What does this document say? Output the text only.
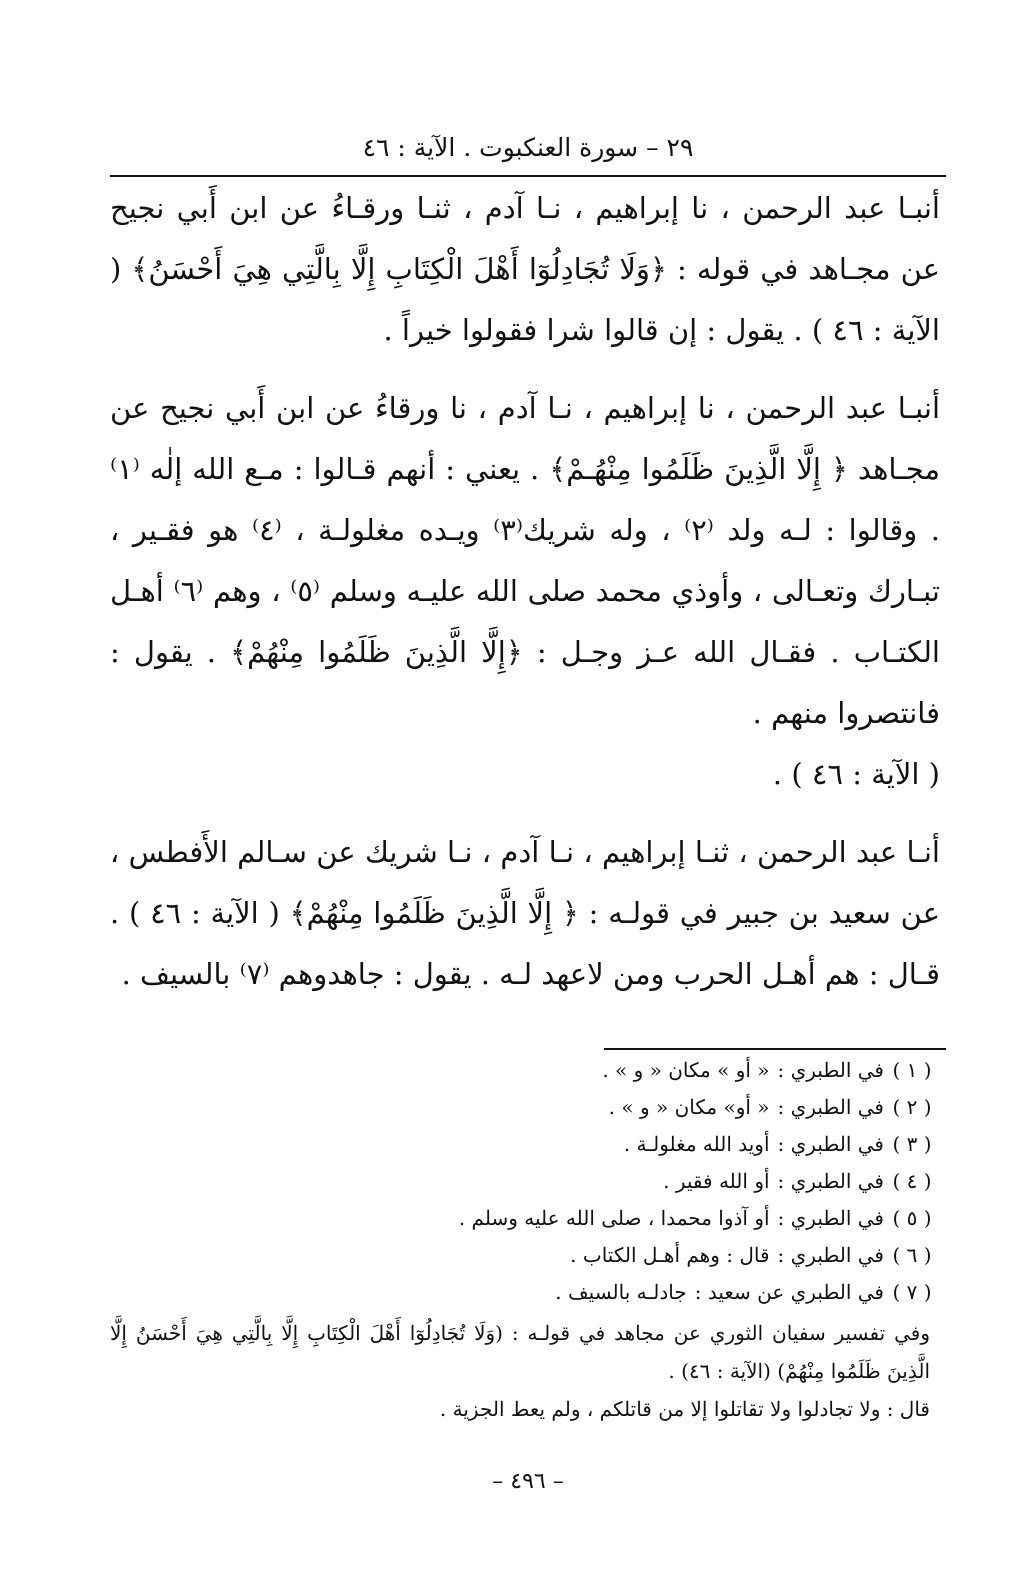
٢٩ – سورة العنكبوت . الآية : ٤٦

أنبـا عبد الرحمن ، نا إبراهيم ، نـا آدم ، ثنـا ورقـاءُ عن ابن أَبي نجيح عن مجـاهد في قوله : ﴿وَلَا تُجَادِلُوٓا أَهْلَ الْكِتَابِ إِلَّا بِالَّتِي هِيَ أَحْسَنُ﴾ ( الآية : ٤٦ ) . يقول : إن قالوا شرا فقولوا خيراً .

أنبـا عبد الرحمن ، نا إبراهيم ، نـا آدم ، نا ورقاءُ عن ابن أَبي نجيح عن مجـاهد ﴿ إِلَّا الَّذِينَ ظَلَمُوا مِنْهُـمْ﴾ . يعني : أنهم قـالوا : مـع الله إلٰه ⁽١⁾ . وقالوا : لـه ولد ⁽٢⁾ ، وله شريك⁽٣⁾ ويـده مغلولـة ، ⁽٤⁾ هو فقـير ، تبـارك وتعـالى ، وأوذي محمد صلى الله عليـه وسلم ⁽٥⁾ ، وهم ⁽٦⁾ أهـل الكتـاب . فقـال الله عـز وجـل : ﴿إِلَّا الَّذِينَ ظَلَمُوا مِنْهُمْ﴾ . يقول : فانتصروا منهم .
( الآية : ٤٦ ) .

أنـا عبد الرحمن ، ثنـا إبراهيم ، نـا آدم ، نـا شريك عن سـالم الأَفطس ، عن سعيد بن جبير في قولـه : ﴿ إِلَّا الَّذِينَ ظَلَمُوا مِنْهُمْ﴾ ( الآية : ٤٦ ) . قـال : هم أهـل الحرب ومن لاعهد لـه . يقول : جاهدوهم ⁽٧⁾ بالسيف .

( ١ )في الطبري :« أو » مكان « و » .

( ٢ )في الطبري :« أو» مكان « و » .

( ٣ )في الطبري :أويد الله مغلولـة .

( ٤ )في الطبري :أو الله فقير .

( ٥ )في الطبري :أو آذوا محمدا ، صلى الله عليه وسلم .

( ٦ )في الطبري :قال : وهم أهـل الكتاب .

( ٧ )في الطبري عن سعيد :جادلـه بالسيف .

وفي تفسير سفيان الثوري عن مجاهد في قولـه : (وَلَا تُجَادِلُوٓا أَهْلَ الْكِتَابِ إِلَّا بِالَّتِي هِيَ أَحْسَنُ إِلَّا الَّذِينَ ظَلَمُوا مِنْهُمْ) (الآية : ٤٦) .

قال : ولا تجادلوا ولا تقاتلوا إلا من قاتلكم ، ولم يعط الجزية .

– ٤٩٦ –
